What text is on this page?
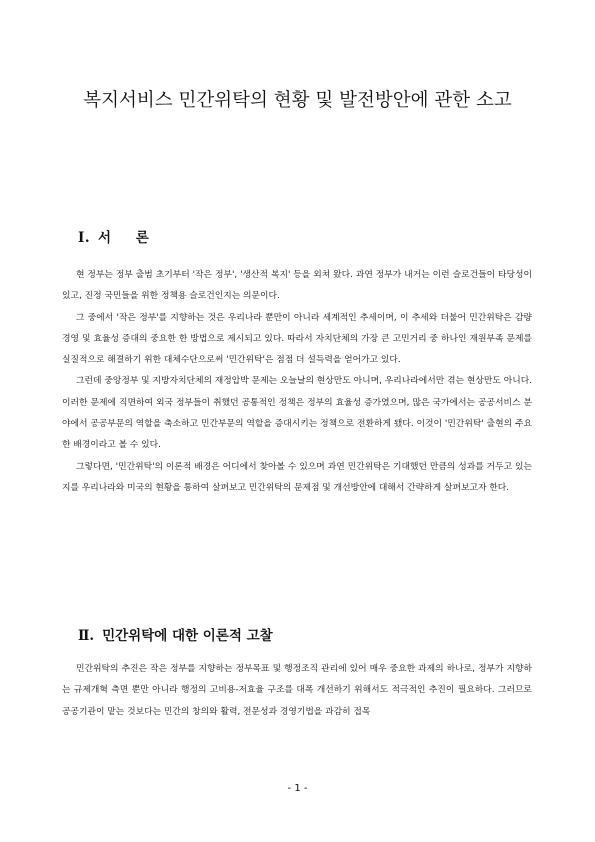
복지서비스 민간위탁의 현황 및 발전방안에 관한 소고
Ⅰ. 서 론

현 정부는 정부 출범 초기부터 '작은 정부', '생산적 복지' 등을 외쳐 왔다. 과연 정부가 내거는 이런 슬로건들이 타당성이 있고, 진정 국민들을 위한 정책용 슬로건인지는 의문이다.

그 중에서 '작은 정부'를 지향하는 것은 우리나라 뿐만이 아니라 세계적인 추세이며, 이 추세와 더불어 민간위탁은 감량경영 및 효율성 증대의 중요한 한 방법으로 제시되고 있다. 따라서 자치단체의 가장 큰 고민거리 중 하나인 재원부족 문제를 실질적으로 해결하기 위한 대체수단으로써 '민간위탁'은 점점 더 설득력을 얻어가고 있다.

그런데 중앙정부 및 지방자치단체의 재정압박 문제는 오늘날의 현상만도 아니며, 우리나라에서만 겪는 현상만도 아니다. 이러한 문제에 직면하여 외국 정부들이 취했던 공통적인 정책은 정부의 효율성 증가였으며, 많은 국가에서는 공공서비스 분야에서 공공부문의 역할을 축소하고 민간부문의 역할을 증대시키는 정책으로 전환하게 됐다. 이것이 '민간위탁' 출현의 주요한 배경이라고 볼 수 있다.

그렇다면, '민간위탁'의 이론적 배경은 어디에서 찾아볼 수 있으며 과연 민간위탁은 기대했던 만큼의 성과를 거두고 있는지를 우리나라와 미국의 현황을 통하여 살펴보고 민간위탁의 문제점 및 개선방안에 대해서 간략하게 살펴보고자 한다.

Ⅱ. 민간위탁에 대한 이론적 고찰

민간위탁의 추진은 작은 정부를 지향하는 정부목표 및 행정조직 관리에 있어 매우 중요한 과제의 하나로, 정부가 지향하는 규제개혁 측면 뿐만 아니라 행정의 고비용-저효율 구조를 대폭 개선하기 위해서도 적극적인 추진이 필요하다. 그러므로 공공기관이 맡는 것보다는 민간의 창의와 활력, 전문성과 경영기법을 과감히 접목

- 1 -
